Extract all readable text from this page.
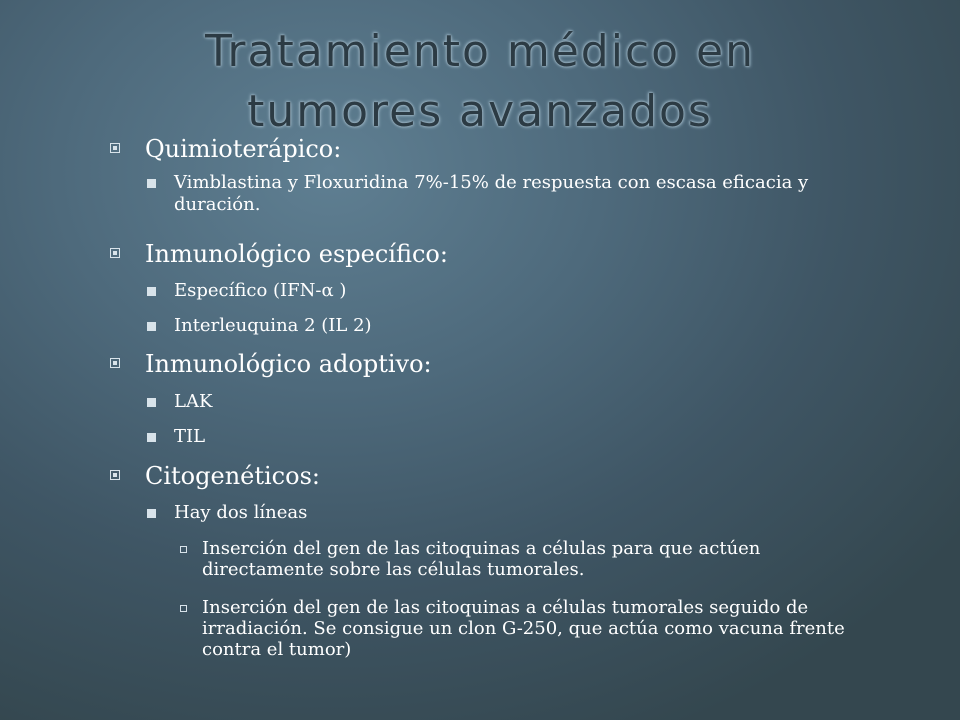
Tratamiento médico en
tumores avanzados
Quimioterápico:
Vimblastina y Floxuridina 7%-15% de respuesta con escasa eficacia y duración.
Inmunológico específico:
Específico (IFN-α )
Interleuquina 2 (IL 2)
Inmunológico adoptivo:
LAK
TIL
Citogenéticos:
Hay dos líneas
Inserción del gen de las citoquinas a células para que actúen directamente sobre las células tumorales.
Inserción del gen de las citoquinas a células tumorales seguido de irradiación. Se consigue un clon G-250, que actúa como vacuna frente contra el tumor)
